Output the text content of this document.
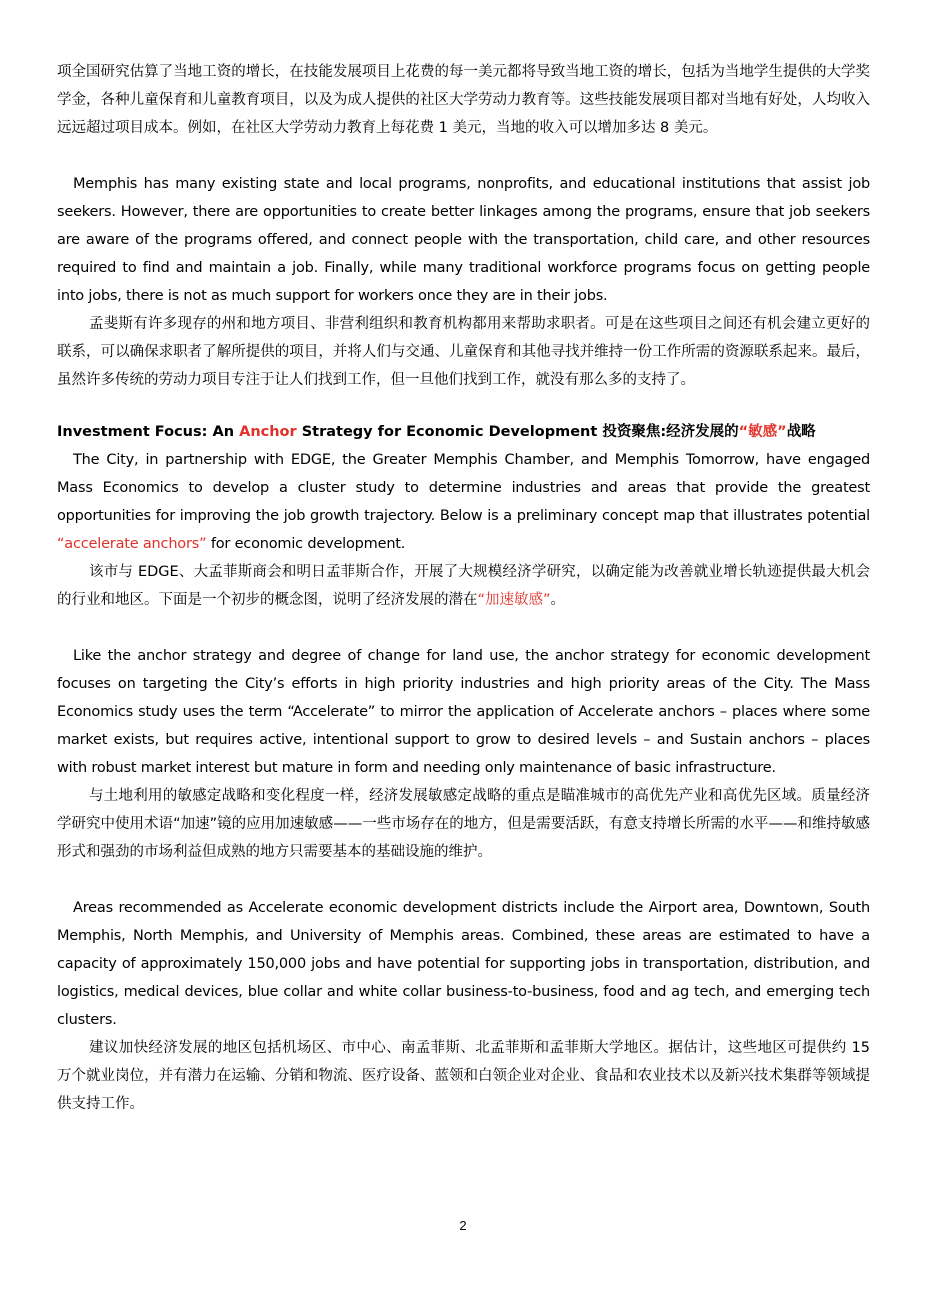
项全国研究估算了当地工资的增长，在技能发展项目上花费的每一美元都将导致当地工资的增长，包括为当地学生提供的大学奖学金，各种儿童保育和儿童教育项目，以及为成人提供的社区大学劳动力教育等。这些技能发展项目都对当地有好处，人均收入远远超过项目成本。例如，在社区大学劳动力教育上每花费 1 美元，当地的收入可以增加多达 8 美元。

Memphis has many existing state and local programs, nonprofits, and educational institutions that assist job seekers. However, there are opportunities to create better linkages among the programs, ensure that job seekers are aware of the programs offered, and connect people with the transportation, child care, and other resources required to find and maintain a job. Finally, while many traditional workforce programs focus on getting people into jobs, there is not as much support for workers once they are in their jobs.

孟斐斯有许多现存的州和地方项目、非营利组织和教育机构都用来帮助求职者。可是在这些项目之间还有机会建立更好的联系，可以确保求职者了解所提供的项目，并将人们与交通、儿童保育和其他寻找并维持一份工作所需的资源联系起来。最后，虽然许多传统的劳动力项目专注于让人们找到工作，但一旦他们找到工作，就没有那么多的支持了。

Investment Focus: An Anchor Strategy for Economic Development 投资聚焦:经济发展的“敏感”战略

The City, in partnership with EDGE, the Greater Memphis Chamber, and Memphis Tomorrow, have engaged Mass Economics to develop a cluster study to determine industries and areas that provide the greatest opportunities for improving the job growth trajectory. Below is a preliminary concept map that illustrates potential “accelerate anchors” for economic development.

该市与 EDGE、大孟菲斯商会和明日孟菲斯合作，开展了大规模经济学研究，以确定能为改善就业增长轨迹提供最大机会的行业和地区。下面是一个初步的概念图，说明了经济发展的潜在“加速敏感”。

Like the anchor strategy and degree of change for land use, the anchor strategy for economic development focuses on targeting the City’s efforts in high priority industries and high priority areas of the City. The Mass Economics study uses the term “Accelerate” to mirror the application of Accelerate anchors – places where some market exists, but requires active, intentional support to grow to desired levels – and Sustain anchors – places with robust market interest but mature in form and needing only maintenance of basic infrastructure.

与土地利用的敏感定战略和变化程度一样，经济发展敏感定战略的重点是瞄准城市的高优先产业和高优先区域。质量经济学研究中使用术语“加速”镜的应用加速敏感——一些市场存在的地方，但是需要活跃，有意支持增长所需的水平——和维持敏感形式和强劲的市场利益但成熟的地方只需要基本的基础设施的维护。

Areas recommended as Accelerate economic development districts include the Airport area, Downtown, South Memphis, North Memphis, and University of Memphis areas. Combined, these areas are estimated to have a capacity of approximately 150,000 jobs and have potential for supporting jobs in transportation, distribution, and logistics, medical devices, blue collar and white collar business-to-business, food and ag tech, and emerging tech clusters.

建议加快经济发展的地区包括机场区、市中心、南孟菲斯、北孟菲斯和孟菲斯大学地区。据估计，这些地区可提供约 15 万个就业岗位，并有潜力在运输、分销和物流、医疗设备、蓝领和白领企业对企业、食品和农业技术以及新兴技术集群等领域提供支持工作。

2
